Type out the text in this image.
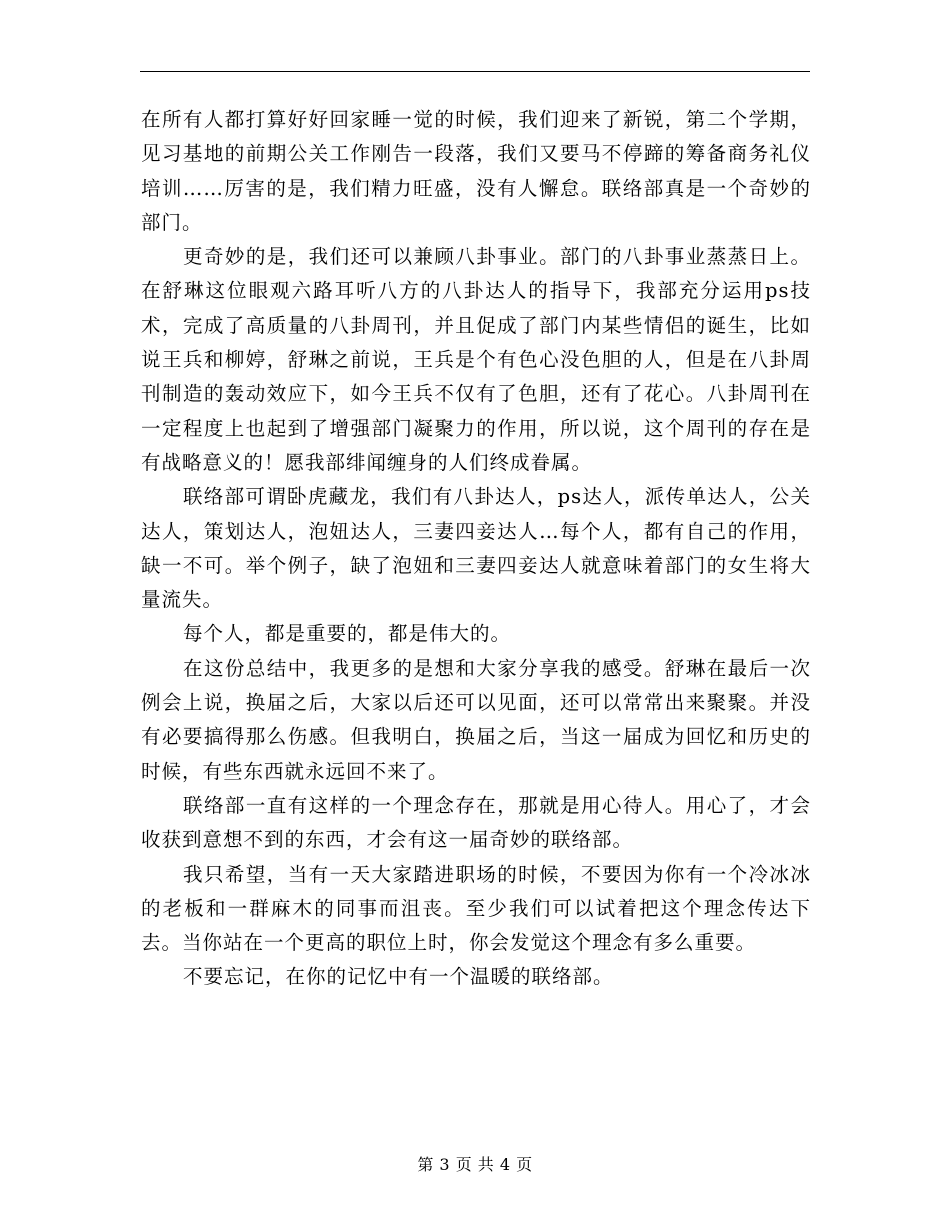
在所有人都打算好好回家睡一觉的时候，我们迎来了新锐，第二个学期，见习基地的前期公关工作刚告一段落，我们又要马不停蹄的筹备商务礼仪培训……厉害的是，我们精力旺盛，没有人懈怠。联络部真是一个奇妙的部门。

更奇妙的是，我们还可以兼顾八卦事业。部门的八卦事业蒸蒸日上。在舒琳这位眼观六路耳听八方的八卦达人的指导下，我部充分运用ps技术，完成了高质量的八卦周刊，并且促成了部门内某些情侣的诞生，比如说王兵和柳婷，舒琳之前说，王兵是个有色心没色胆的人，但是在八卦周刊制造的轰动效应下，如今王兵不仅有了色胆，还有了花心。八卦周刊在一定程度上也起到了增强部门凝聚力的作用，所以说，这个周刊的存在是有战略意义的！愿我部绯闻缠身的人们终成眷属。

联络部可谓卧虎藏龙，我们有八卦达人，ps达人，派传单达人，公关达人，策划达人，泡妞达人，三妻四妾达人…每个人，都有自己的作用，缺一不可。举个例子，缺了泡妞和三妻四妾达人就意味着部门的女生将大量流失。

每个人，都是重要的，都是伟大的。

在这份总结中，我更多的是想和大家分享我的感受。舒琳在最后一次例会上说，换届之后，大家以后还可以见面，还可以常常出来聚聚。并没有必要搞得那么伤感。但我明白，换届之后，当这一届成为回忆和历史的时候，有些东西就永远回不来了。

联络部一直有这样的一个理念存在，那就是用心待人。用心了，才会收获到意想不到的东西，才会有这一届奇妙的联络部。

我只希望，当有一天大家踏进职场的时候，不要因为你有一个冷冰冰的老板和一群麻木的同事而沮丧。至少我们可以试着把这个理念传达下去。当你站在一个更高的职位上时，你会发觉这个理念有多么重要。

不要忘记，在你的记忆中有一个温暖的联络部。

第 3 页 共 4 页
